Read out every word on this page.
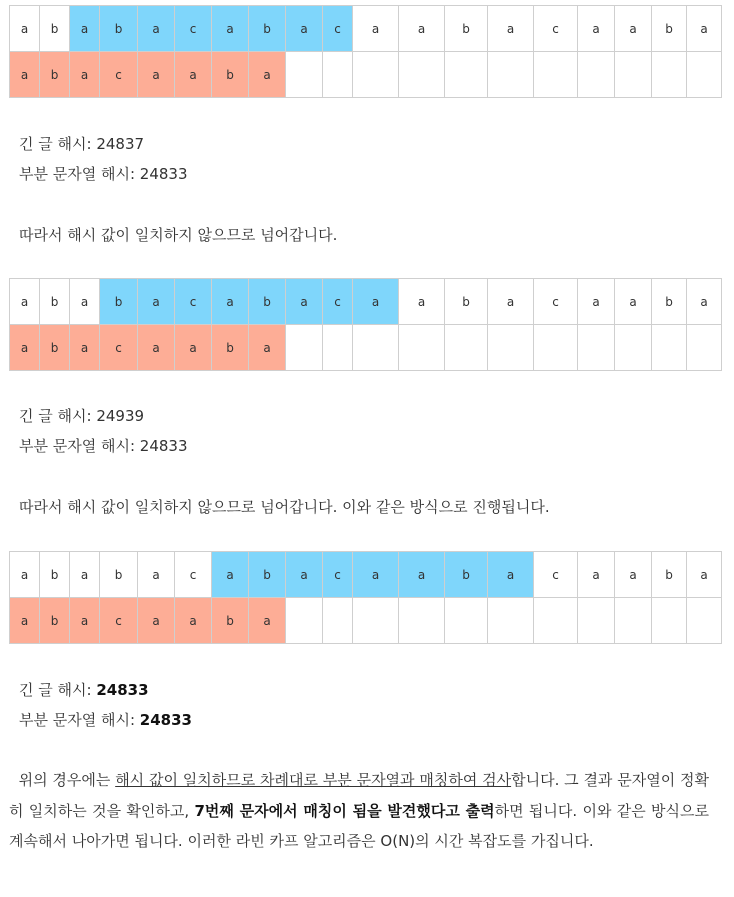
a	b	a	b	a	c	a	b	a	c	a	a	b	a	c	a	a	b	a
a	b	a	c	a	a	b	a											
긴 글 해시: 24837
부분 문자열 해시: 24833
따라서 해시 값이 일치하지 않으므로 넘어갑니다.
a	b	a	b	a	c	a	b	a	c	a	a	b	a	c	a	a	b	a
a	b	a	c	a	a	b	a											
긴 글 해시: 24939
부분 문자열 해시: 24833
따라서 해시 값이 일치하지 않으므로 넘어갑니다. 이와 같은 방식으로 진행됩니다.
a	b	a	b	a	c	a	b	a	c	a	a	b	a	c	a	a	b	a
a	b	a	c	a	a	b	a											
긴 글 해시: 24833
부분 문자열 해시: 24833
위의 경우에는 해시 값이 일치하므로 차례대로 부분 문자열과 매칭하여 검사합니다. 그 결과 문자열이 정확히 일치하는 것을 확인하고, 7번째 문자에서 매칭이 됨을 발견했다고 출력하면 됩니다. 이와 같은 방식으로 계속해서 나아가면 됩니다. 이러한 라빈 카프 알고리즘은 O(N)의 시간 복잡도를 가집니다.
